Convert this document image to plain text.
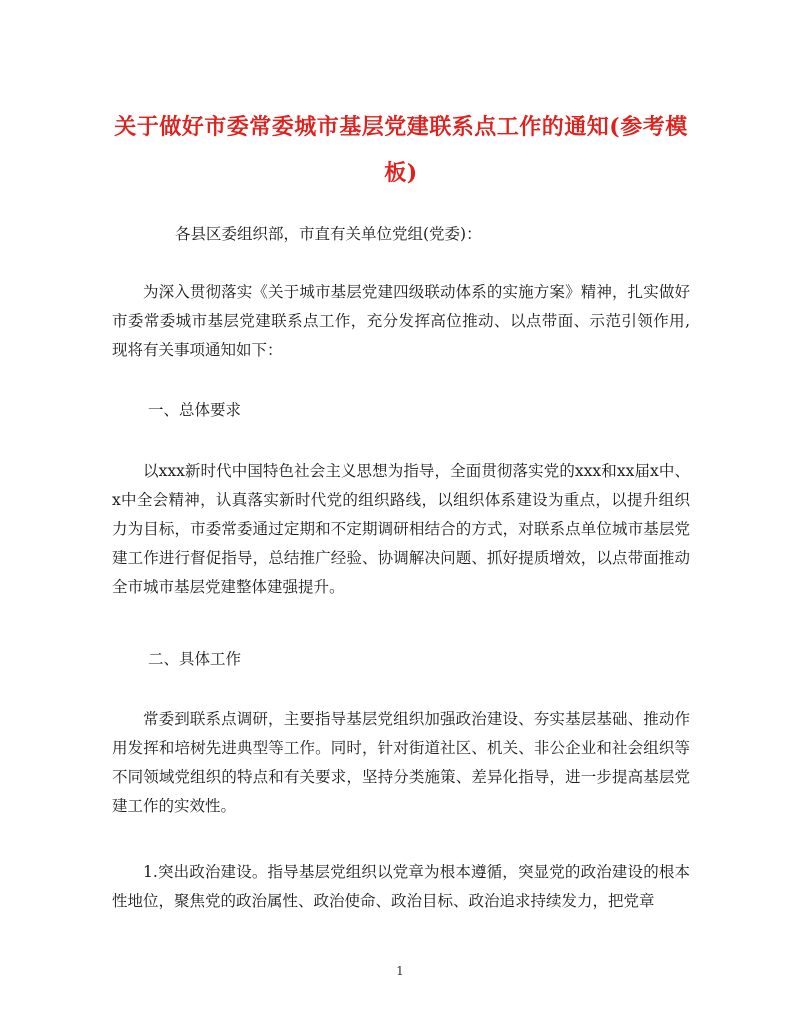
关于做好市委常委城市基层党建联系点工作的通知(参考模板)
各县区委组织部，市直有关单位党组(党委)：
为深入贯彻落实《关于城市基层党建四级联动体系的实施方案》精神，扎实做好市委常委城市基层党建联系点工作，充分发挥高位推动、以点带面、示范引领作用,现将有关事项通知如下：
一、总体要求
以xxx新时代中国特色社会主义思想为指导，全面贯彻落实党的xxx和xx届x中、x中全会精神，认真落实新时代党的组织路线，以组织体系建设为重点，以提升组织力为目标，市委常委通过定期和不定期调研相结合的方式，对联系点单位城市基层党建工作进行督促指导，总结推广经验、协调解决问题、抓好提质增效，以点带面推动全市城市基层党建整体建强提升。
二、具体工作
常委到联系点调研，主要指导基层党组织加强政治建设、夯实基层基础、推动作用发挥和培树先进典型等工作。同时，针对街道社区、机关、非公企业和社会组织等不同领域党组织的特点和有关要求，坚持分类施策、差异化指导，进一步提高基层党建工作的实效性。
1.突出政治建设。指导基层党组织以党章为根本遵循，突显党的政治建设的根本性地位，聚焦党的政治属性、政治使命、政治目标、政治追求持续发力，把党章
1
